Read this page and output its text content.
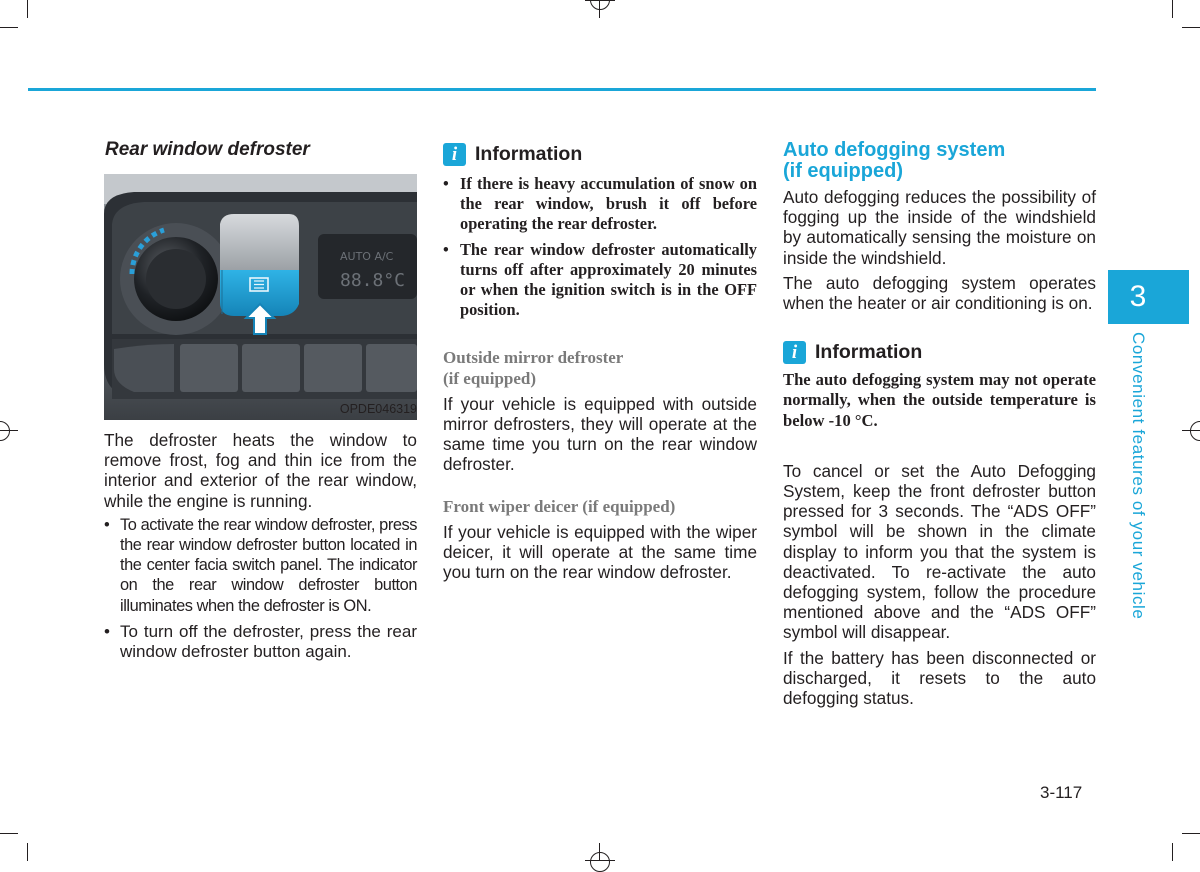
Rear window defroster
AUTO A/C
88.8°C
OPDE046319

The defroster heats the window to remove frost, fog and thin ice from the interior and exterior of the rear window, while the engine is running.

• To activate the rear window defroster, press the rear window defroster button located in the center facia switch panel. The indicator on the rear window defroster button illuminates when the defroster is ON.
• To turn off the defroster, press the rear window defroster button again.
i Information
• If there is heavy accumulation of snow on the rear window, brush it off before operating the rear defroster.
• The rear window defroster automatically turns off after approximately 20 minutes or when the ignition switch is in the OFF position.

Outside mirror defroster

(if equipped)

If your vehicle is equipped with outside mirror defrosters, they will operate at the same time you turn on the rear window defroster.

Front wiper deicer (if equipped)

If your vehicle is equipped with the wiper deicer, it will operate at the same time you turn on the rear window defroster.

Auto defogging system

(if equipped)

Auto defogging reduces the possibility of fogging up the inside of the windshield by automatically sensing the moisture on inside the windshield.

The auto defogging system operates when the heater or air conditioning is on.

i Information

The auto defogging system may not operate normally, when the outside temperature is below -10 °C.

To cancel or set the Auto Defogging System, keep the front defroster button pressed for 3 seconds. The “ADS OFF” symbol will be shown in the climate display to inform you that the system is deactivated. To re-activate the auto defogging system, follow the procedure mentioned above and the “ADS OFF” symbol will disappear.

If the battery has been disconnected or discharged, it resets to the auto defogging status.

3
Convenient features of your vehicle
3-117
